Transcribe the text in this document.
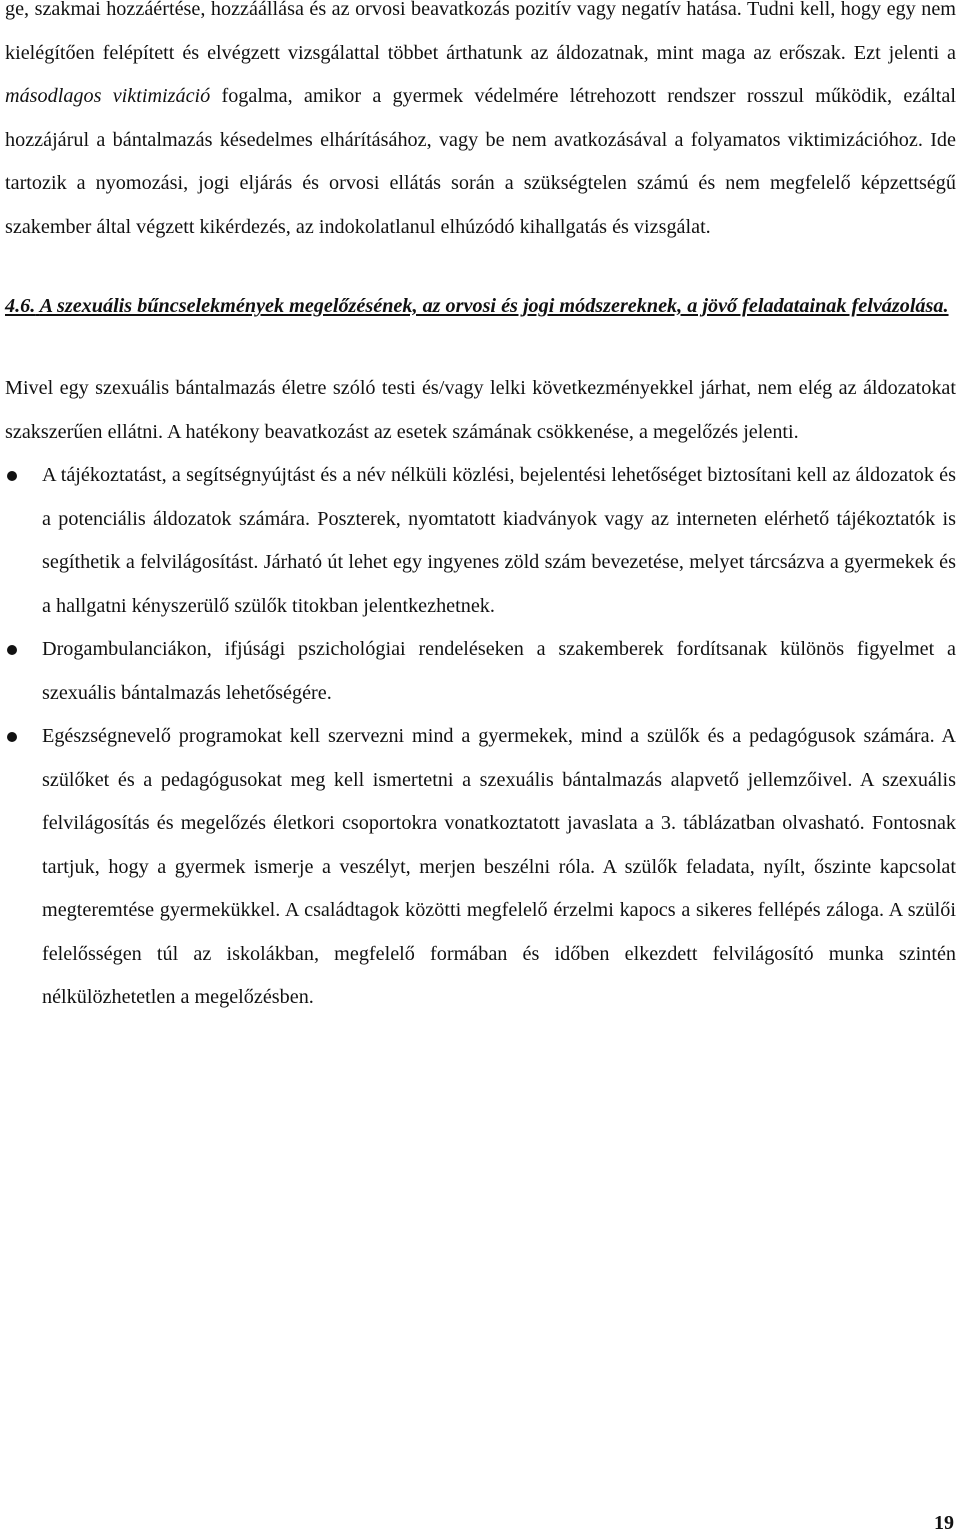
ge, szakmai hozzáértése, hozzáállása és az orvosi beavatkozás pozitív vagy negatív hatása. Tudni kell, hogy egy nem kielégítően felépített és elvégzett vizsgálattal többet árthatunk az áldozatnak, mint maga az erőszak. Ezt jelenti a másodlagos viktimizáció fogalma, amikor a gyermek védelmére létrehozott rendszer rosszul működik, ezáltal hozzájárul a bántalmazás késedelmes elhárításához, vagy be nem avatkozásával a folyamatos viktimizációhoz. Ide tartozik a nyomozási, jogi eljárás és orvosi ellátás során a szükségtelen számú és nem megfelelő képzettségű szakember által végzett kikérdezés, az indokolatlanul elhúzódó kihallgatás és vizsgálat.

4.6. A szexuális bűncselekmények megelőzésének, az orvosi és jogi módszereknek, a jövő feladatainak felvázolása.

Mivel egy szexuális bántalmazás életre szóló testi és/vagy lelki következményekkel járhat, nem elég az áldozatokat szakszerűen ellátni. A hatékony beavatkozást az esetek számának csökkenése, a megelőzés jelenti.

A tájékoztatást, a segítségnyújtást és a név nélküli közlési, bejelentési lehetőséget biztosítani kell az áldozatok és a potenciális áldozatok számára. Poszterek, nyomtatott kiadványok vagy az interneten elérhető tájékoztatók is segíthetik a felvilágosítást. Járható út lehet egy ingyenes zöld szám bevezetése, melyet tárcsázva a gyermekek és a hallgatni kényszerülő szülők titokban jelentkezhetnek.
Drogambulanciákon, ifjúsági pszichológiai rendeléseken a szakemberek fordítsanak különös figyelmet a szexuális bántalmazás lehetőségére.
Egészségnevelő programokat kell szervezni mind a gyermekek, mind a szülők és a pedagógusok számára. A szülőket és a pedagógusokat meg kell ismertetni a szexuális bántalmazás alapvető jellemzőivel. A szexuális felvilágosítás és megelőzés életkori csoportokra vonatkoztatott javaslata a 3. táblázatban olvasható. Fontosnak tartjuk, hogy a gyermek ismerje a veszélyt, merjen beszélni róla. A szülők feladata, nyílt, őszinte kapcsolat megteremtése gyermekükkel. A családtagok közötti megfelelő érzelmi kapocs a sikeres fellépés záloga. A szülői felelősségen túl az iskolákban, megfelelő formában és időben elkezdett felvilágosító munka szintén nélkülözhetetlen a megelőzésben.
19
